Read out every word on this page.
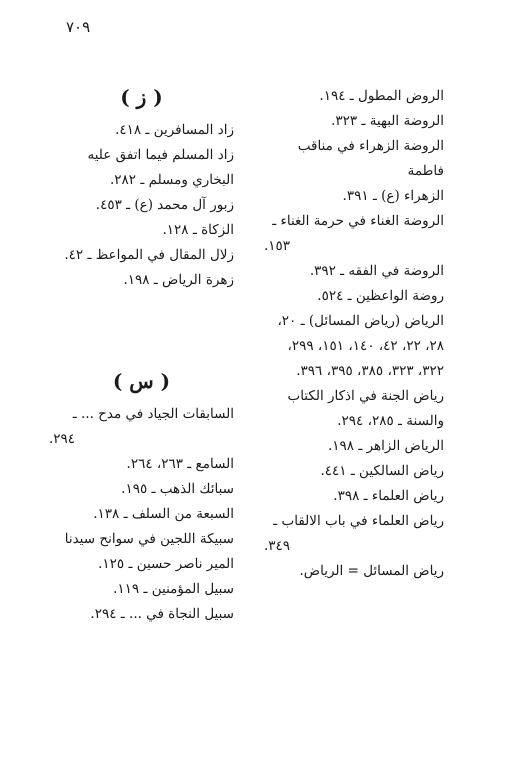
٧٠٩
الروض المطول ـ ١٩٤.
الروضة البهية ـ ٣٢٣.
الروضة الزهراء في مناقب فاطمة
الزهراء (ع) ـ ٣٩١.
الروضة الغناء في حرمة الغناء ـ
١٥٣.
الروضة في الفقه ـ ٣٩٢.
روضة الواعظين ـ ٥٢٤.
الرياض (رياض المسائل) ـ ٢٠،
٢٨، ٢٢، ٤٢، ١٤٠، ١٥١، ٢٩٩،
٣٢٢، ٣٢٣، ٣٨٥، ٣٩٥، ٣٩٦.
رياض الجنة في اذكار الكتاب
والسنة ـ ٢٨٥، ٢٩٤.
الرياض الزاهر ـ ١٩٨.
رياض السالكين ـ ٤٤١.
رياض العلماء ـ ٣٩٨.
رياض العلماء في باب الالقاب ـ
٣٤٩.
رياض المسائل = الرياض.
( ز )
زاد المسافرين ـ ٤١٨.
زاد المسلم فيما اتفق عليه
البخاري ومسلم ـ ٢٨٢.
زبور آل محمد (ع) ـ ٤٥٣.
الزكاة ـ ١٢٨.
زلال المقال في المواعظ ـ ٤٢.
زهرة الرياض ـ ١٩٨.
( س )
السابقات الجياد في مدح ... ـ
٢٩٤.
السامع ـ ٢٦٣، ٢٦٤.
سبائك الذهب ـ ١٩٥.
السبعة من السلف ـ ١٣٨.
سبيكة اللجين في سوانح سيدنا
المير ناصر حسين ـ ١٢٥.
سبيل المؤمنين ـ ١١٩.
سبيل النجاة في ... ـ ٢٩٤.
